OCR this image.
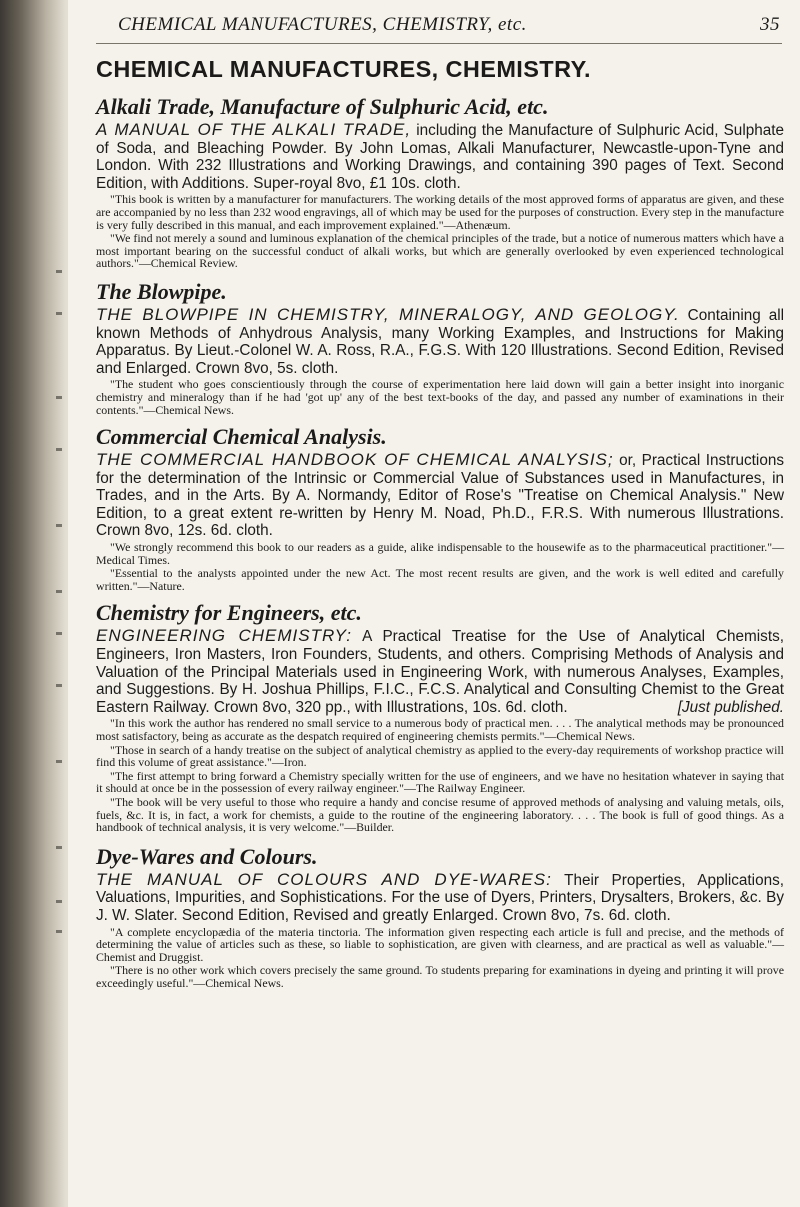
CHEMICAL MANUFACTURES, CHEMISTRY, etc.	35
CHEMICAL MANUFACTURES, CHEMISTRY.
Alkali Trade, Manufacture of Sulphuric Acid, etc.

A MANUAL OF THE ALKALI TRADE, including the Manufacture of Sulphuric Acid, Sulphate of Soda, and Bleaching Powder. By John Lomas, Alkali Manufacturer, Newcastle-upon-Tyne and London. With 232 Illustrations and Working Drawings, and containing 390 pages of Text. Second Edition, with Additions. Super-royal 8vo, £1 10s. cloth.

"This book is written by a manufacturer for manufacturers. The working details of the most approved forms of apparatus are given, and these are accompanied by no less than 232 wood engravings, all of which may be used for the purposes of construction. Every step in the manufacture is very fully described in this manual, and each improvement explained."—Athenæum.

"We find not merely a sound and luminous explanation of the chemical principles of the trade, but a notice of numerous matters which have a most important bearing on the successful conduct of alkali works, but which are generally overlooked by even experienced technological authors."—Chemical Review.

The Blowpipe.

THE BLOWPIPE IN CHEMISTRY, MINERALOGY, AND GEOLOGY. Containing all known Methods of Anhydrous Analysis, many Working Examples, and Instructions for Making Apparatus. By Lieut.-Colonel W. A. Ross, R.A., F.G.S. With 120 Illustrations. Second Edition, Revised and Enlarged. Crown 8vo, 5s. cloth.

"The student who goes conscientiously through the course of experimentation here laid down will gain a better insight into inorganic chemistry and mineralogy than if he had 'got up' any of the best text-books of the day, and passed any number of examinations in their contents."—Chemical News.

Commercial Chemical Analysis.

THE COMMERCIAL HANDBOOK OF CHEMICAL ANALYSIS; or, Practical Instructions for the determination of the Intrinsic or Commercial Value of Substances used in Manufactures, in Trades, and in the Arts. By A. Normandy, Editor of Rose's "Treatise on Chemical Analysis." New Edition, to a great extent re-written by Henry M. Noad, Ph.D., F.R.S. With numerous Illustrations. Crown 8vo, 12s. 6d. cloth.

"We strongly recommend this book to our readers as a guide, alike indispensable to the housewife as to the pharmaceutical practitioner."—Medical Times.

"Essential to the analysts appointed under the new Act. The most recent results are given, and the work is well edited and carefully written."—Nature.

Chemistry for Engineers, etc.

ENGINEERING CHEMISTRY: A Practical Treatise for the Use of Analytical Chemists, Engineers, Iron Masters, Iron Founders, Students, and others. Comprising Methods of Analysis and Valuation of the Principal Materials used in Engineering Work, with numerous Analyses, Examples, and Suggestions. By H. Joshua Phillips, F.I.C., F.C.S. Analytical and Consulting Chemist to the Great Eastern Railway. Crown 8vo, 320 pp., with Illustrations, 10s. 6d. cloth.	[Just published.

"In this work the author has rendered no small service to a numerous body of practical men. . . . The analytical methods may be pronounced most satisfactory, being as accurate as the despatch required of engineering chemists permits."—Chemical News.

"Those in search of a handy treatise on the subject of analytical chemistry as applied to the every-day requirements of workshop practice will find this volume of great assistance."—Iron.

"The first attempt to bring forward a Chemistry specially written for the use of engineers, and we have no hesitation whatever in saying that it should at once be in the possession of every railway engineer."—The Railway Engineer.

"The book will be very useful to those who require a handy and concise resume of approved methods of analysing and valuing metals, oils, fuels, &c. It is, in fact, a work for chemists, a guide to the routine of the engineering laboratory. . . . The book is full of good things. As a handbook of technical analysis, it is very welcome."—Builder.

Dye-Wares and Colours.

THE MANUAL OF COLOURS AND DYE-WARES: Their Properties, Applications, Valuations, Impurities, and Sophistications. For the use of Dyers, Printers, Drysalters, Brokers, &c. By J. W. Slater. Second Edition, Revised and greatly Enlarged. Crown 8vo, 7s. 6d. cloth.

"A complete encyclopædia of the materia tinctoria. The information given respecting each article is full and precise, and the methods of determining the value of articles such as these, so liable to sophistication, are given with clearness, and are practical as well as valuable."—Chemist and Druggist.

"There is no other work which covers precisely the same ground. To students preparing for examinations in dyeing and printing it will prove exceedingly useful."—Chemical News.
